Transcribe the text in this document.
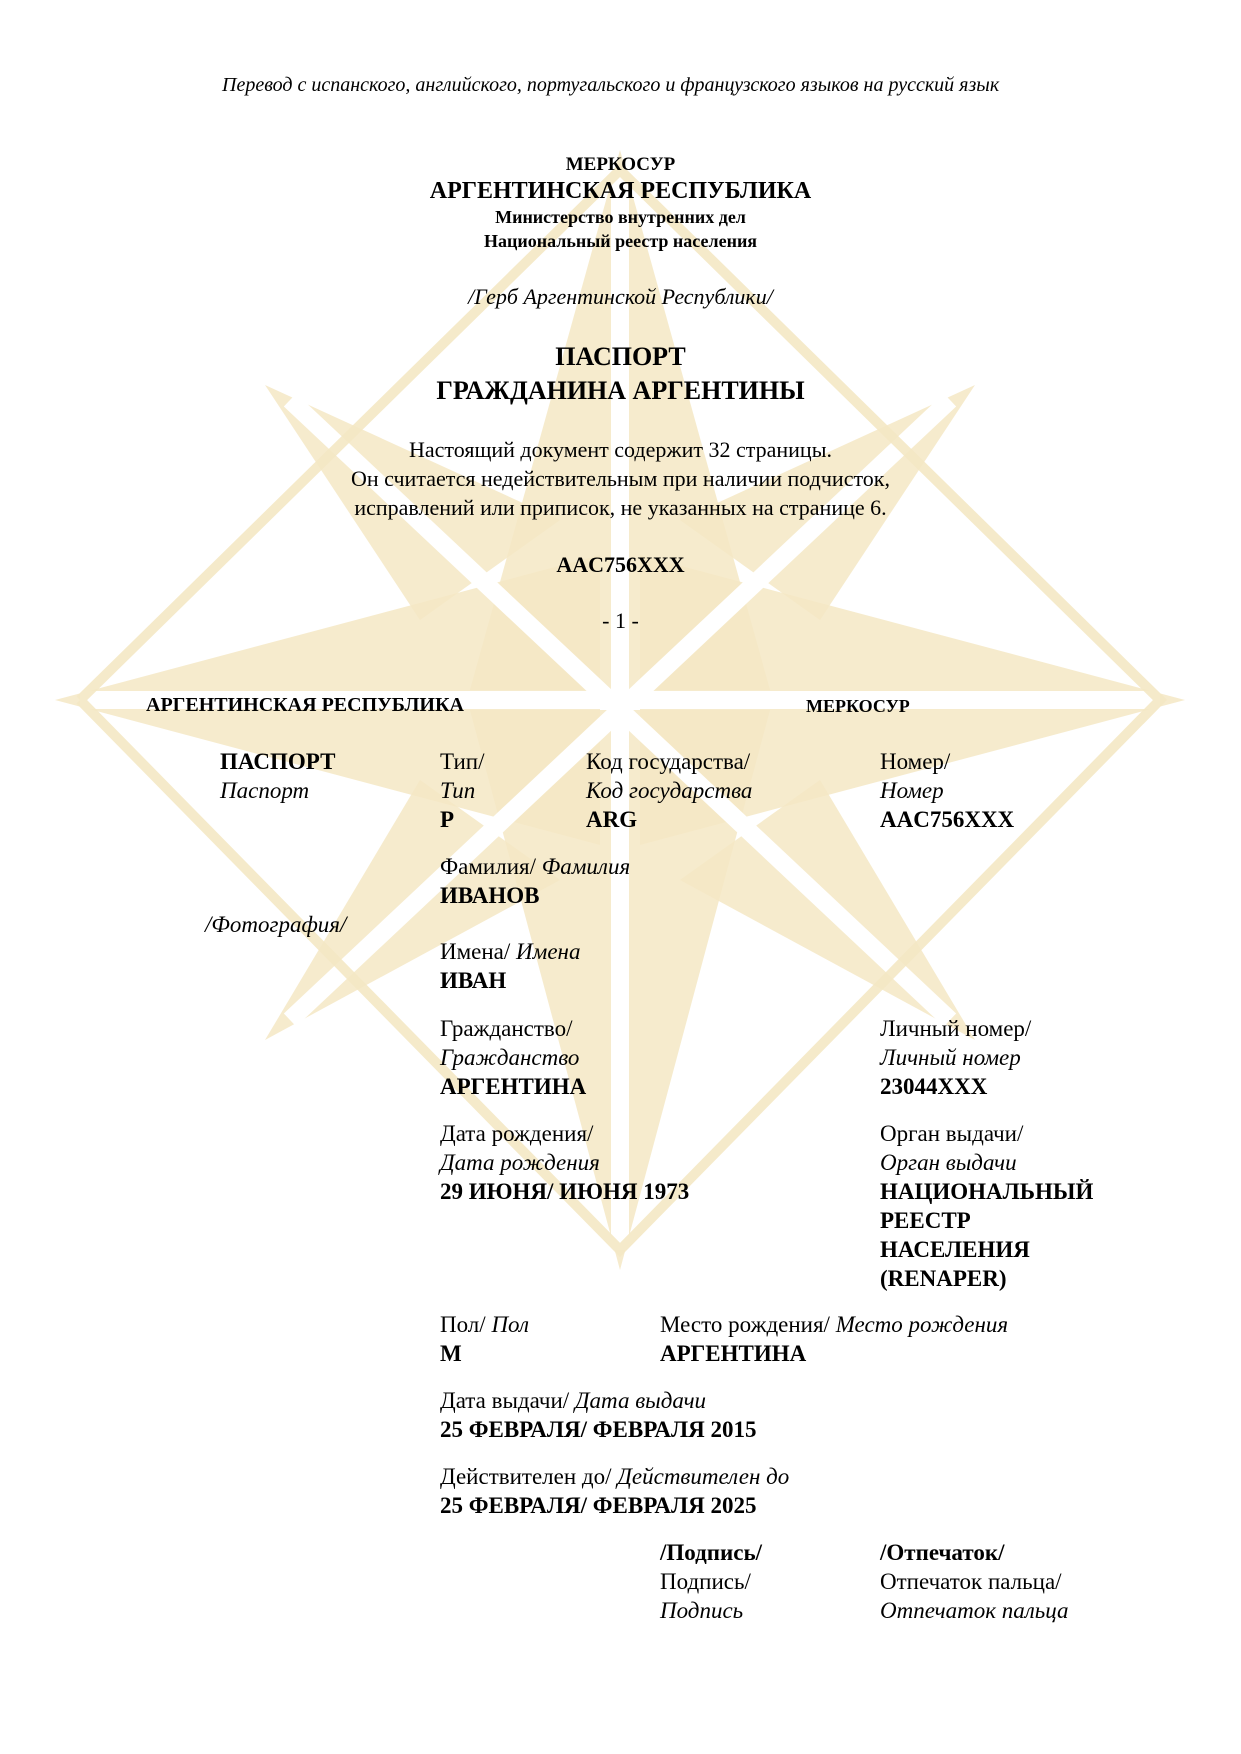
Перевод с испанского, английского, португальского и французского языков на русский язык
МЕРКОСУР
АРГЕНТИНСКАЯ РЕСПУБЛИКА
Министерство внутренних дел
Национальный реестр населения
/Герб Аргентинской Республики/
ПАСПОРТ
ГРАЖДАНИНА АРГЕНТИНЫ
Настоящий документ содержит 32 страницы.
Он считается недействительным при наличии подчисток,
исправлений или приписок, не указанных на странице 6.
AAC756XXX
- 1 -
АРГЕНТИНСКАЯ РЕСПУБЛИКА	МЕРКОСУР
ПАСПОРТ
Паспорт
/Фотография/
Тип/
Тип
P
Код государства/
Код государства
ARG
Номер/
Номер
AAC756XXX
Фамилия/ Фамилия
ИВАНОВ
Имена/ Имена
ИВАН
Гражданство/
Гражданство
АРГЕНТИНА
Личный номер/
Личный номер
23044XXX
Дата рождения/
Дата рождения
29 ИЮНЯ/ ИЮНЯ 1973
Орган выдачи/
Орган выдачи
НАЦИОНАЛЬНЫЙ
РЕЕСТР
НАСЕЛЕНИЯ
(RENAPER)
Пол/ Пол
M
Место рождения/ Место рождения
АРГЕНТИНА
Дата выдачи/ Дата выдачи
25 ФЕВРАЛЯ/ ФЕВРАЛЯ 2015
Действителен до/ Действителен до
25 ФЕВРАЛЯ/ ФЕВРАЛЯ 2025
/Подпись/
Подпись/
Подпись
/Отпечаток/
Отпечаток пальца/
Отпечаток пальца
